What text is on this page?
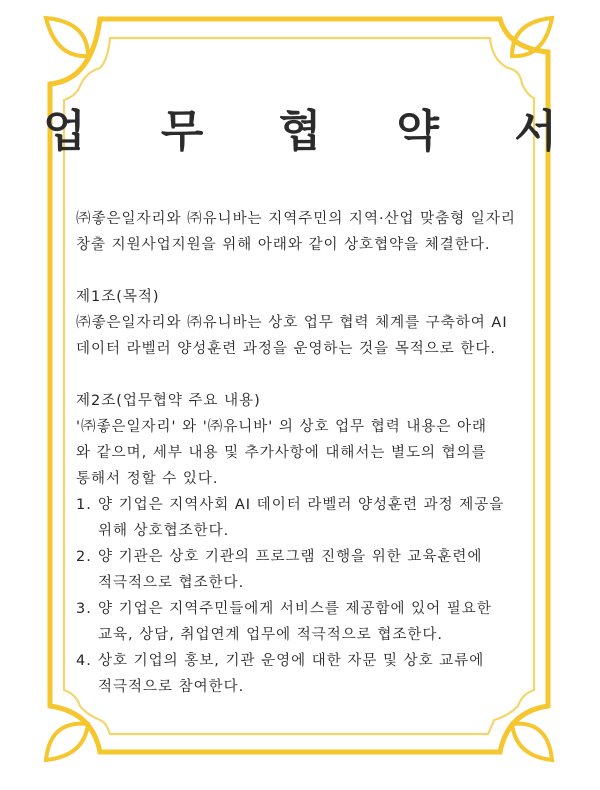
업 무 협 약 서

㈜좋은일자리와 ㈜유니바는 지역주민의 지역·산업 맞춤형 일자리

창출 지원사업지원을 위해 아래와 같이 상호협약을 체결한다.

제1조(목적)

㈜좋은일자리와 ㈜유니바는 상호 업무 협력 체계를 구축하여 AI

데이터 라벨러 양성훈련 과정을 운영하는 것을 목적으로 한다.

제2조(업무협약 주요 내용)

'㈜좋은일자리' 와 '㈜유니바' 의 상호 업무 협력 내용은 아래

와 같으며, 세부 내용 및 추가사항에 대해서는 별도의 협의를

통해서 정할 수 있다.

1. 양 기업은 지역사회 AI 데이터 라벨러 양성훈련 과정 제공을
위해 상호협조한다.
2. 양 기관은 상호 기관의 프로그램 진행을 위한 교육훈련에
적극적으로 협조한다.
3. 양 기업은 지역주민들에게 서비스를 제공함에 있어 필요한
교육, 상담, 취업연계 업무에 적극적으로 협조한다.
4. 상호 기업의 홍보, 기관 운영에 대한 자문 및 상호 교류에
적극적으로 참여한다.
